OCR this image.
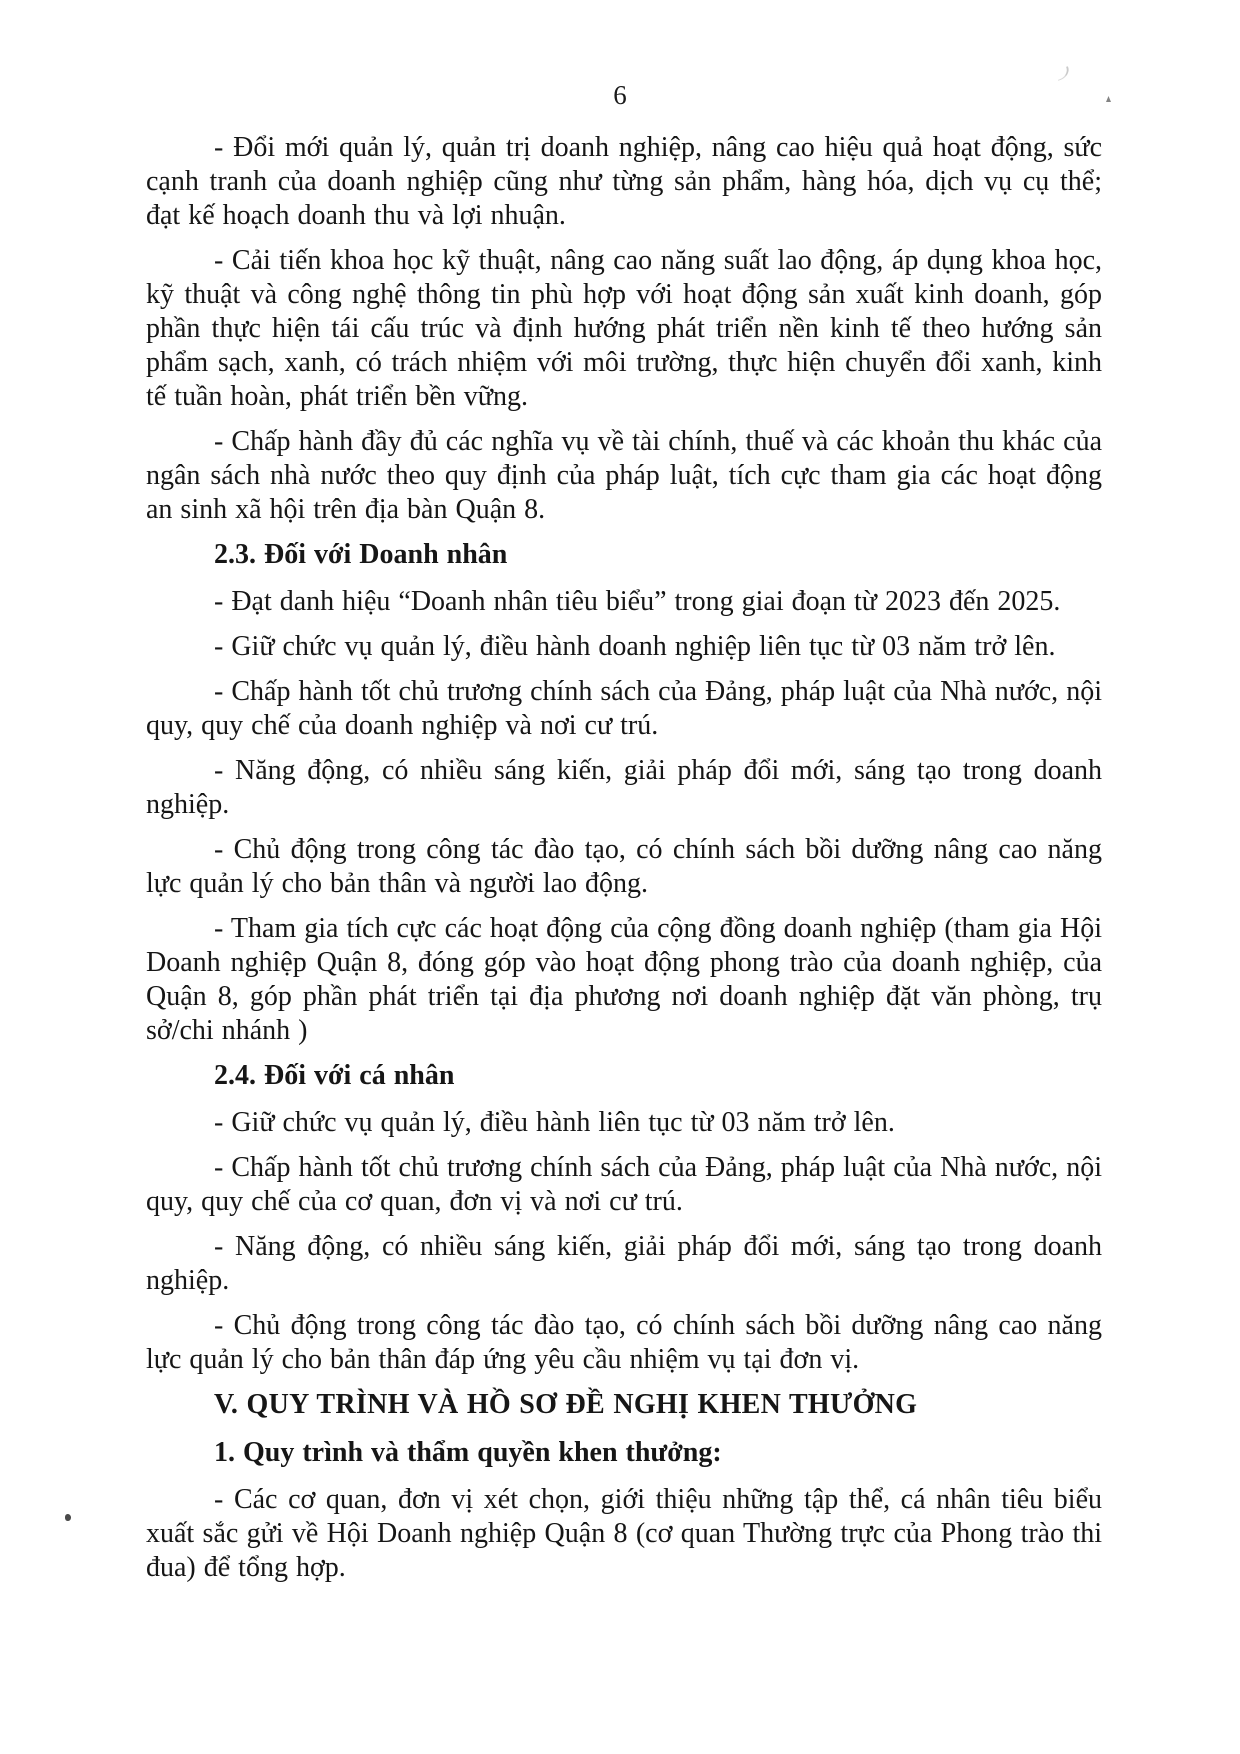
6

- Đổi mới quản lý, quản trị doanh nghiệp, nâng cao hiệu quả hoạt động, sức cạnh tranh của doanh nghiệp cũng như từng sản phẩm, hàng hóa, dịch vụ cụ thể; đạt kế hoạch doanh thu và lợi nhuận.

- Cải tiến khoa học kỹ thuật, nâng cao năng suất lao động, áp dụng khoa học, kỹ thuật và công nghệ thông tin phù hợp với hoạt động sản xuất kinh doanh, góp phần thực hiện tái cấu trúc và định hướng phát triển nền kinh tế theo hướng sản phẩm sạch, xanh, có trách nhiệm với môi trường, thực hiện chuyển đổi xanh, kinh tế tuần hoàn, phát triển bền vững.

- Chấp hành đầy đủ các nghĩa vụ về tài chính, thuế và các khoản thu khác của ngân sách nhà nước theo quy định của pháp luật, tích cực tham gia các hoạt động an sinh xã hội trên địa bàn Quận 8.

2.3. Đối với Doanh nhân

- Đạt danh hiệu “Doanh nhân tiêu biểu” trong giai đoạn từ 2023 đến 2025.

- Giữ chức vụ quản lý, điều hành doanh nghiệp liên tục từ 03 năm trở lên.

- Chấp hành tốt chủ trương chính sách của Đảng, pháp luật của Nhà nước, nội quy, quy chế của doanh nghiệp và nơi cư trú.

- Năng động, có nhiều sáng kiến, giải pháp đổi mới, sáng tạo trong doanh nghiệp.

- Chủ động trong công tác đào tạo, có chính sách bồi dưỡng nâng cao năng lực quản lý cho bản thân và người lao động.

- Tham gia tích cực các hoạt động của cộng đồng doanh nghiệp (tham gia Hội Doanh nghiệp Quận 8, đóng góp vào hoạt động phong trào của doanh nghiệp, của Quận 8, góp phần phát triển tại địa phương nơi doanh nghiệp đặt văn phòng, trụ sở/chi nhánh )

2.4. Đối với cá nhân

- Giữ chức vụ quản lý, điều hành liên tục từ 03 năm trở lên.

- Chấp hành tốt chủ trương chính sách của Đảng, pháp luật của Nhà nước, nội quy, quy chế của cơ quan, đơn vị và nơi cư trú.

- Năng động, có nhiều sáng kiến, giải pháp đổi mới, sáng tạo trong doanh nghiệp.

- Chủ động trong công tác đào tạo, có chính sách bồi dưỡng nâng cao năng lực quản lý cho bản thân đáp ứng yêu cầu nhiệm vụ tại đơn vị.

V. QUY TRÌNH VÀ HỒ SƠ ĐỀ NGHỊ KHEN THƯỞNG

1. Quy trình và thẩm quyền khen thưởng:

- Các cơ quan, đơn vị xét chọn, giới thiệu những tập thể, cá nhân tiêu biểu xuất sắc gửi về Hội Doanh nghiệp Quận 8 (cơ quan Thường trực của Phong trào thi đua) để tổng hợp.
